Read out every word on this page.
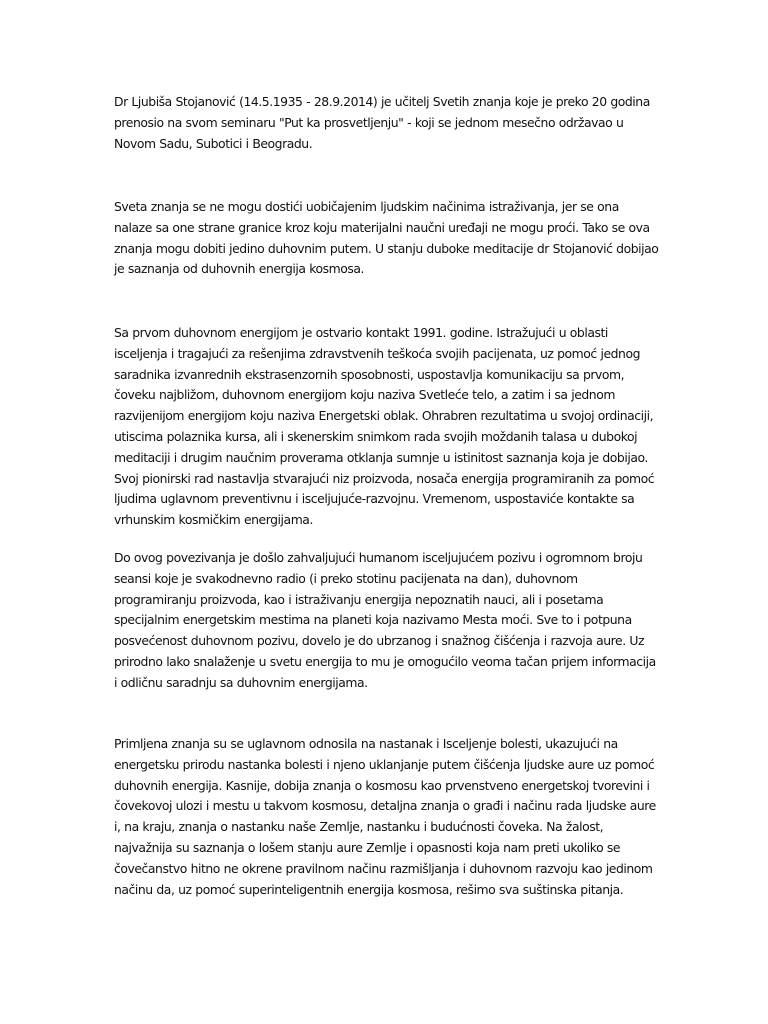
Dr Ljubiša Stojanović (14.5.1935 - 28.9.2014) je učitelj Svetih znanja koje je preko 20 godina prenosio na svom seminaru "Put ka prosvetljenju" - koji se jednom mesečno održavao u Novom Sadu, Subotici i Beogradu.

Sveta znanja se ne mogu dostići uobičajenim ljudskim načinima istraživanja, jer se ona nalaze sa one strane granice kroz koju materijalni naučni uređaji ne mogu proći. Tako se ova znanja mogu dobiti jedino duhovnim putem. U stanju duboke meditacije dr Stojanović dobijao je saznanja od duhovnih energija kosmosa.

Sa prvom duhovnom energijom je ostvario kontakt 1991. godine. Istražujući u oblasti isceljenja i tragajući za rešenjima zdravstvenih teškoća svojih pacijenata, uz pomoć jednog saradnika izvanrednih ekstrasenzornih sposobnosti, uspostavlja komunikaciju sa prvom, čoveku najbližom, duhovnom energijom koju naziva Svetleće telo, a zatim i sa jednom razvijenijom energijom koju naziva Energetski oblak. Ohrabren rezultatima u svojoj ordinaciji, utiscima polaznika kursa, ali i skenerskim snimkom rada svojih moždanih talasa u dubokoj meditaciji i drugim naučnim proverama otklanja sumnje u istinitost saznanja koja je dobijao. Svoj pionirski rad nastavlja stvarajući niz proizvoda, nosača energija programiranih za pomoć ljudima uglavnom preventivnu i isceljujuće-razvojnu. Vremenom, uspostaviće kontakte sa vrhunskim kosmičkim energijama.

Do ovog povezivanja je došlo zahvaljujući humanom isceljujućem pozivu i ogromnom broju seansi koje je svakodnevno radio (i preko stotinu pacijenata na dan), duhovnom programiranju proizvoda, kao i istraživanju energija nepoznatih nauci, ali i posetama specijalnim energetskim mestima na planeti koja nazivamo Mesta moći. Sve to i potpuna posvećenost duhovnom pozivu, dovelo je do ubrzanog i snažnog čišćenja i razvoja aure. Uz prirodno lako snalaženje u svetu energija to mu je omogućilo veoma tačan prijem informacija i odličnu saradnju sa duhovnim energijama.

Primljena znanja su se uglavnom odnosila na nastanak i Isceljenje bolesti, ukazujući na energetsku prirodu nastanka bolesti i njeno uklanjanje putem čišćenja ljudske aure uz pomoć duhovnih energija. Kasnije, dobija znanja o kosmosu kao prvenstveno energetskoj tvorevini i čovekovoj ulozi i mestu u takvom kosmosu, detaljna znanja o građi i načinu rada ljudske aure i, na kraju, znanja o nastanku naše Zemlje, nastanku i budućnosti čoveka. Na žalost, najvažnija su saznanja o lošem stanju aure Zemlje i opasnosti koja nam preti ukoliko se čovečanstvo hitno ne okrene pravilnom načinu razmišljanja i duhovnom razvoju kao jedinom načinu da, uz pomoć superinteligentnih energija kosmosa, rešimo sva suštinska pitanja.
